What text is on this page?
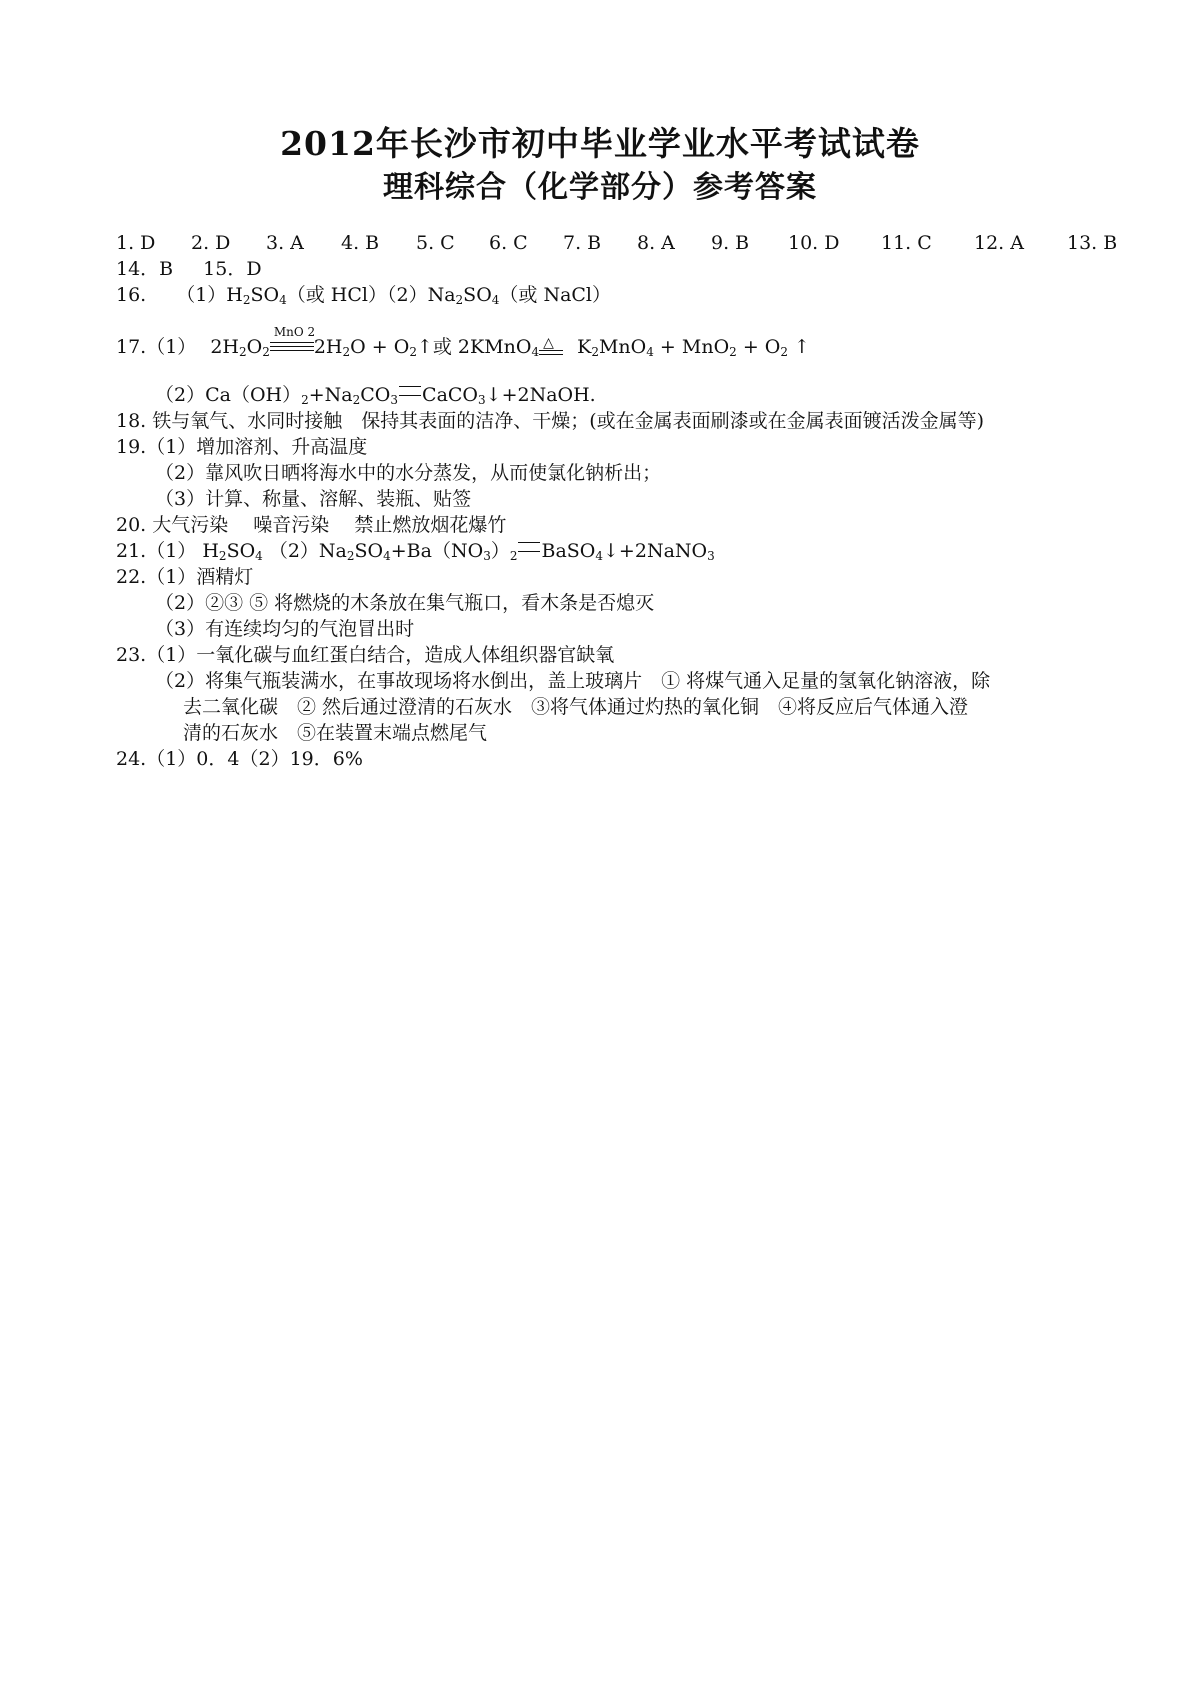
2012年长沙市初中毕业学业水平考试试卷
理科综合（化学部分）参考答案
1. D 2. D 3. A 4. B 5. C 6. C 7. B 8. A 9. B 10. D 11. C 12. A 13. B
14．B 15．D
16. $(1)H_2SO_4$（或 $HCl)(2)Na_2SO_4$（或 NaCl）
17.（1） $2H_2O_2$
MnO 2
$2H_2O$ + $O_2↑$或 2KMnO$_4$
△ $K_2MnO_4 + MnO_2 + O_2$ ↑
$(2)Ca(OH)_2+Na_2CO_3$ CaCO$_3$↓+2NaOH.
18. 铁与氧气、水同时接触　保持其表面的洁净、干燥；(或在金属表面刷漆或在金属表面镀活泼金属等)
19.（1）增加溶剂、升高温度
（2）靠风吹日晒将海水中的水分蒸发，从而使氯化钠析出；
（3）计算、称量、溶解、装瓶、贴签
20. 大气污染　 噪音污染　 禁止燃放烟花爆竹
21.（1） $H_2SO_4$ $(2)Na_2SO_4+Ba(NO_3)_2$ BaSO$_4$↓+2NaNO$_3$
22.（1）酒精灯
（2）②③ ⑤ 将燃烧的木条放在集气瓶口，看木条是否熄灭
（3）有连续均匀的气泡冒出时
23.（1）一氧化碳与血红蛋白结合，造成人体组织器官缺氧
（2）将集气瓶装满水，在事故现场将水倒出，盖上玻璃片　① 将煤气通入足量的氢氧化钠溶液，除
去二氧化碳　② 然后通过澄清的石灰水　③将气体通过灼热的氧化铜　④将反应后气体通入澄
清的石灰水　⑤在装置末端点燃尾气
24.（1）0．4（2）19．6%
